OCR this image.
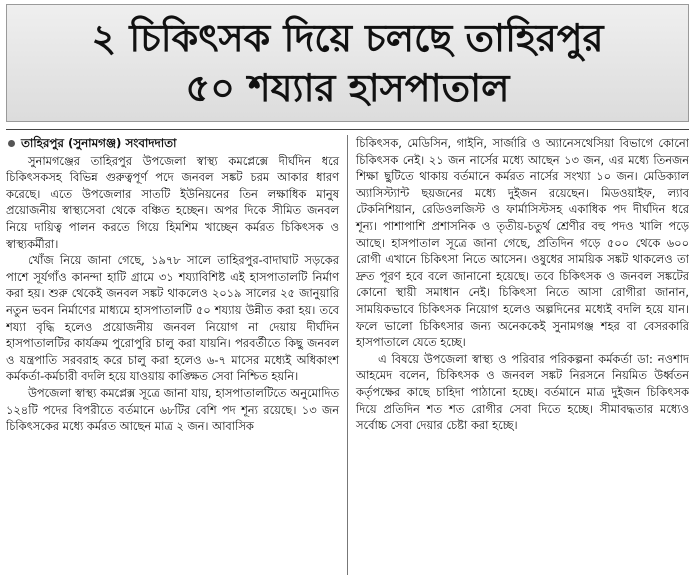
২ চিকিৎসক দিয়ে চলছে তাহিরপুর
৫০ শয্যার হাসপাতাল
তাহিরপুর (সুনামগঞ্জ) সংবাদদাতা

সুনামগঞ্জের তাহিরপুর উপজেলা স্বাস্থ্য কমপ্লেক্সে দীর্ঘদিন ধরে চিকিৎসকসহ বিভিন্ন গুরুত্বপূর্ণ পদে জনবল সঙ্কট চরম আকার ধারণ করেছে। এতে উপজেলার সাতটি ইউনিয়নের তিন লক্ষাধিক মানুষ প্রয়োজনীয় স্বাস্থ্যসেবা থেকে বঞ্চিত হচ্ছেন। অপর দিকে সীমিত জনবল নিয়ে দায়িত্ব পালন করতে গিয়ে হিমশিম খাচ্ছেন কর্মরত চিকিৎসক ও স্বাস্থ্যকর্মীরা।

খোঁজ নিয়ে জানা গেছে, ১৯৭৮ সালে তাহিরপুর-বাদাঘাট সড়কের পাশে সূর্যগাঁও কানন্দা হাটি গ্রামে ৩১ শয্যাবিশিষ্ট এই হাসপাতালটি নির্মাণ করা হয়। শুরু থেকেই জনবল সঙ্কট থাকলেও ২০১৯ সালের ২৫ জানুয়ারি নতুন ভবন নির্মাণের মাধ্যমে হাসপাতালটি ৫০ শয্যায় উন্নীত করা হয়। তবে শয্যা বৃদ্ধি হলেও প্রয়োজনীয় জনবল নিয়োগ না দেয়ায় দীর্ঘদিন হাসপাতালটির কার্যক্রম পুরোপুরি চালু করা যায়নি। পরবর্তীতে কিছু জনবল ও যন্ত্রপাতি সরবরাহ করে চালু করা হলেও ৬-৭ মাসের মধ্যেই অধিকাংশ কর্মকর্তা-কর্মচারী বদলি হয়ে যাওয়ায় কাঙ্ক্ষিত সেবা নিশ্চিত হয়নি।

উপজেলা স্বাস্থ্য কমপ্লেক্স সূত্রে জানা যায়, হাসপাতালটিতে অনুমোদিত ১২৪টি পদের বিপরীতে বর্তমানে ৬৮টির বেশি পদ শূন্য রয়েছে। ১৩ জন চিকিৎসকের মধ্যে কর্মরত আছেন মাত্র ২ জন। আবাসিক

চিকিৎসক, মেডিসিন, গাইনি, সার্জারি ও অ্যানেসথেসিয়া বিভাগে কোনো চিকিৎসক নেই। ২১ জন নার্সের মধ্যে আছেন ১৩ জন, এর মধ্যে তিনজন শিক্ষা ছুটিতে থাকায় বর্তমানে কর্মরত নার্সের সংখ্যা ১০ জন। মেডিক্যাল অ্যাসিস্ট্যান্ট ছয়জনের মধ্যে দুইজন রয়েছেন। মিডওয়াইফ, ল্যাব টেকনিশিয়ান, রেডিওলজিস্ট ও ফার্মাসিস্টসহ একাধিক পদ দীর্ঘদিন ধরে শূন্য। পাশাপাশি প্রশাসনিক ও তৃতীয়-চতুর্থ শ্রেণীর বহু পদও খালি পড়ে আছে। হাসপাতাল সূত্রে জানা গেছে, প্রতিদিন গড়ে ৫০০ থেকে ৬০০ রোগী এখানে চিকিৎসা নিতে আসেন। ওষুধের সাময়িক সঙ্কট থাকলেও তা দ্রুত পূরণ হবে বলে জানানো হয়েছে। তবে চিকিৎসক ও জনবল সঙ্কটের কোনো স্থায়ী সমাধান নেই। চিকিৎসা নিতে আসা রোগীরা জানান, সাময়িকভাবে চিকিৎসক নিয়োগ হলেও অল্পদিনের মধ্যেই বদলি হয়ে যান। ফলে ভালো চিকিৎসার জন্য অনেককেই সুনামগঞ্জ শহর বা বেসরকারি হাসপাতালে যেতে হচ্ছে।

এ বিষয়ে উপজেলা স্বাস্থ্য ও পরিবার পরিকল্পনা কর্মকর্তা ডা: নওশাদ আহমেদ বলেন, চিকিৎসক ও জনবল সঙ্কট নিরসনে নিয়মিত উর্ধ্বতন কর্তৃপক্ষের কাছে চাহিদা পাঠানো হচ্ছে। বর্তমানে মাত্র দুইজন চিকিৎসক দিয়ে প্রতিদিন শত শত রোগীর সেবা দিতে হচ্ছে। সীমাবদ্ধতার মধ্যেও সর্বোচ্চ সেবা দেয়ার চেষ্টা করা হচ্ছে।
